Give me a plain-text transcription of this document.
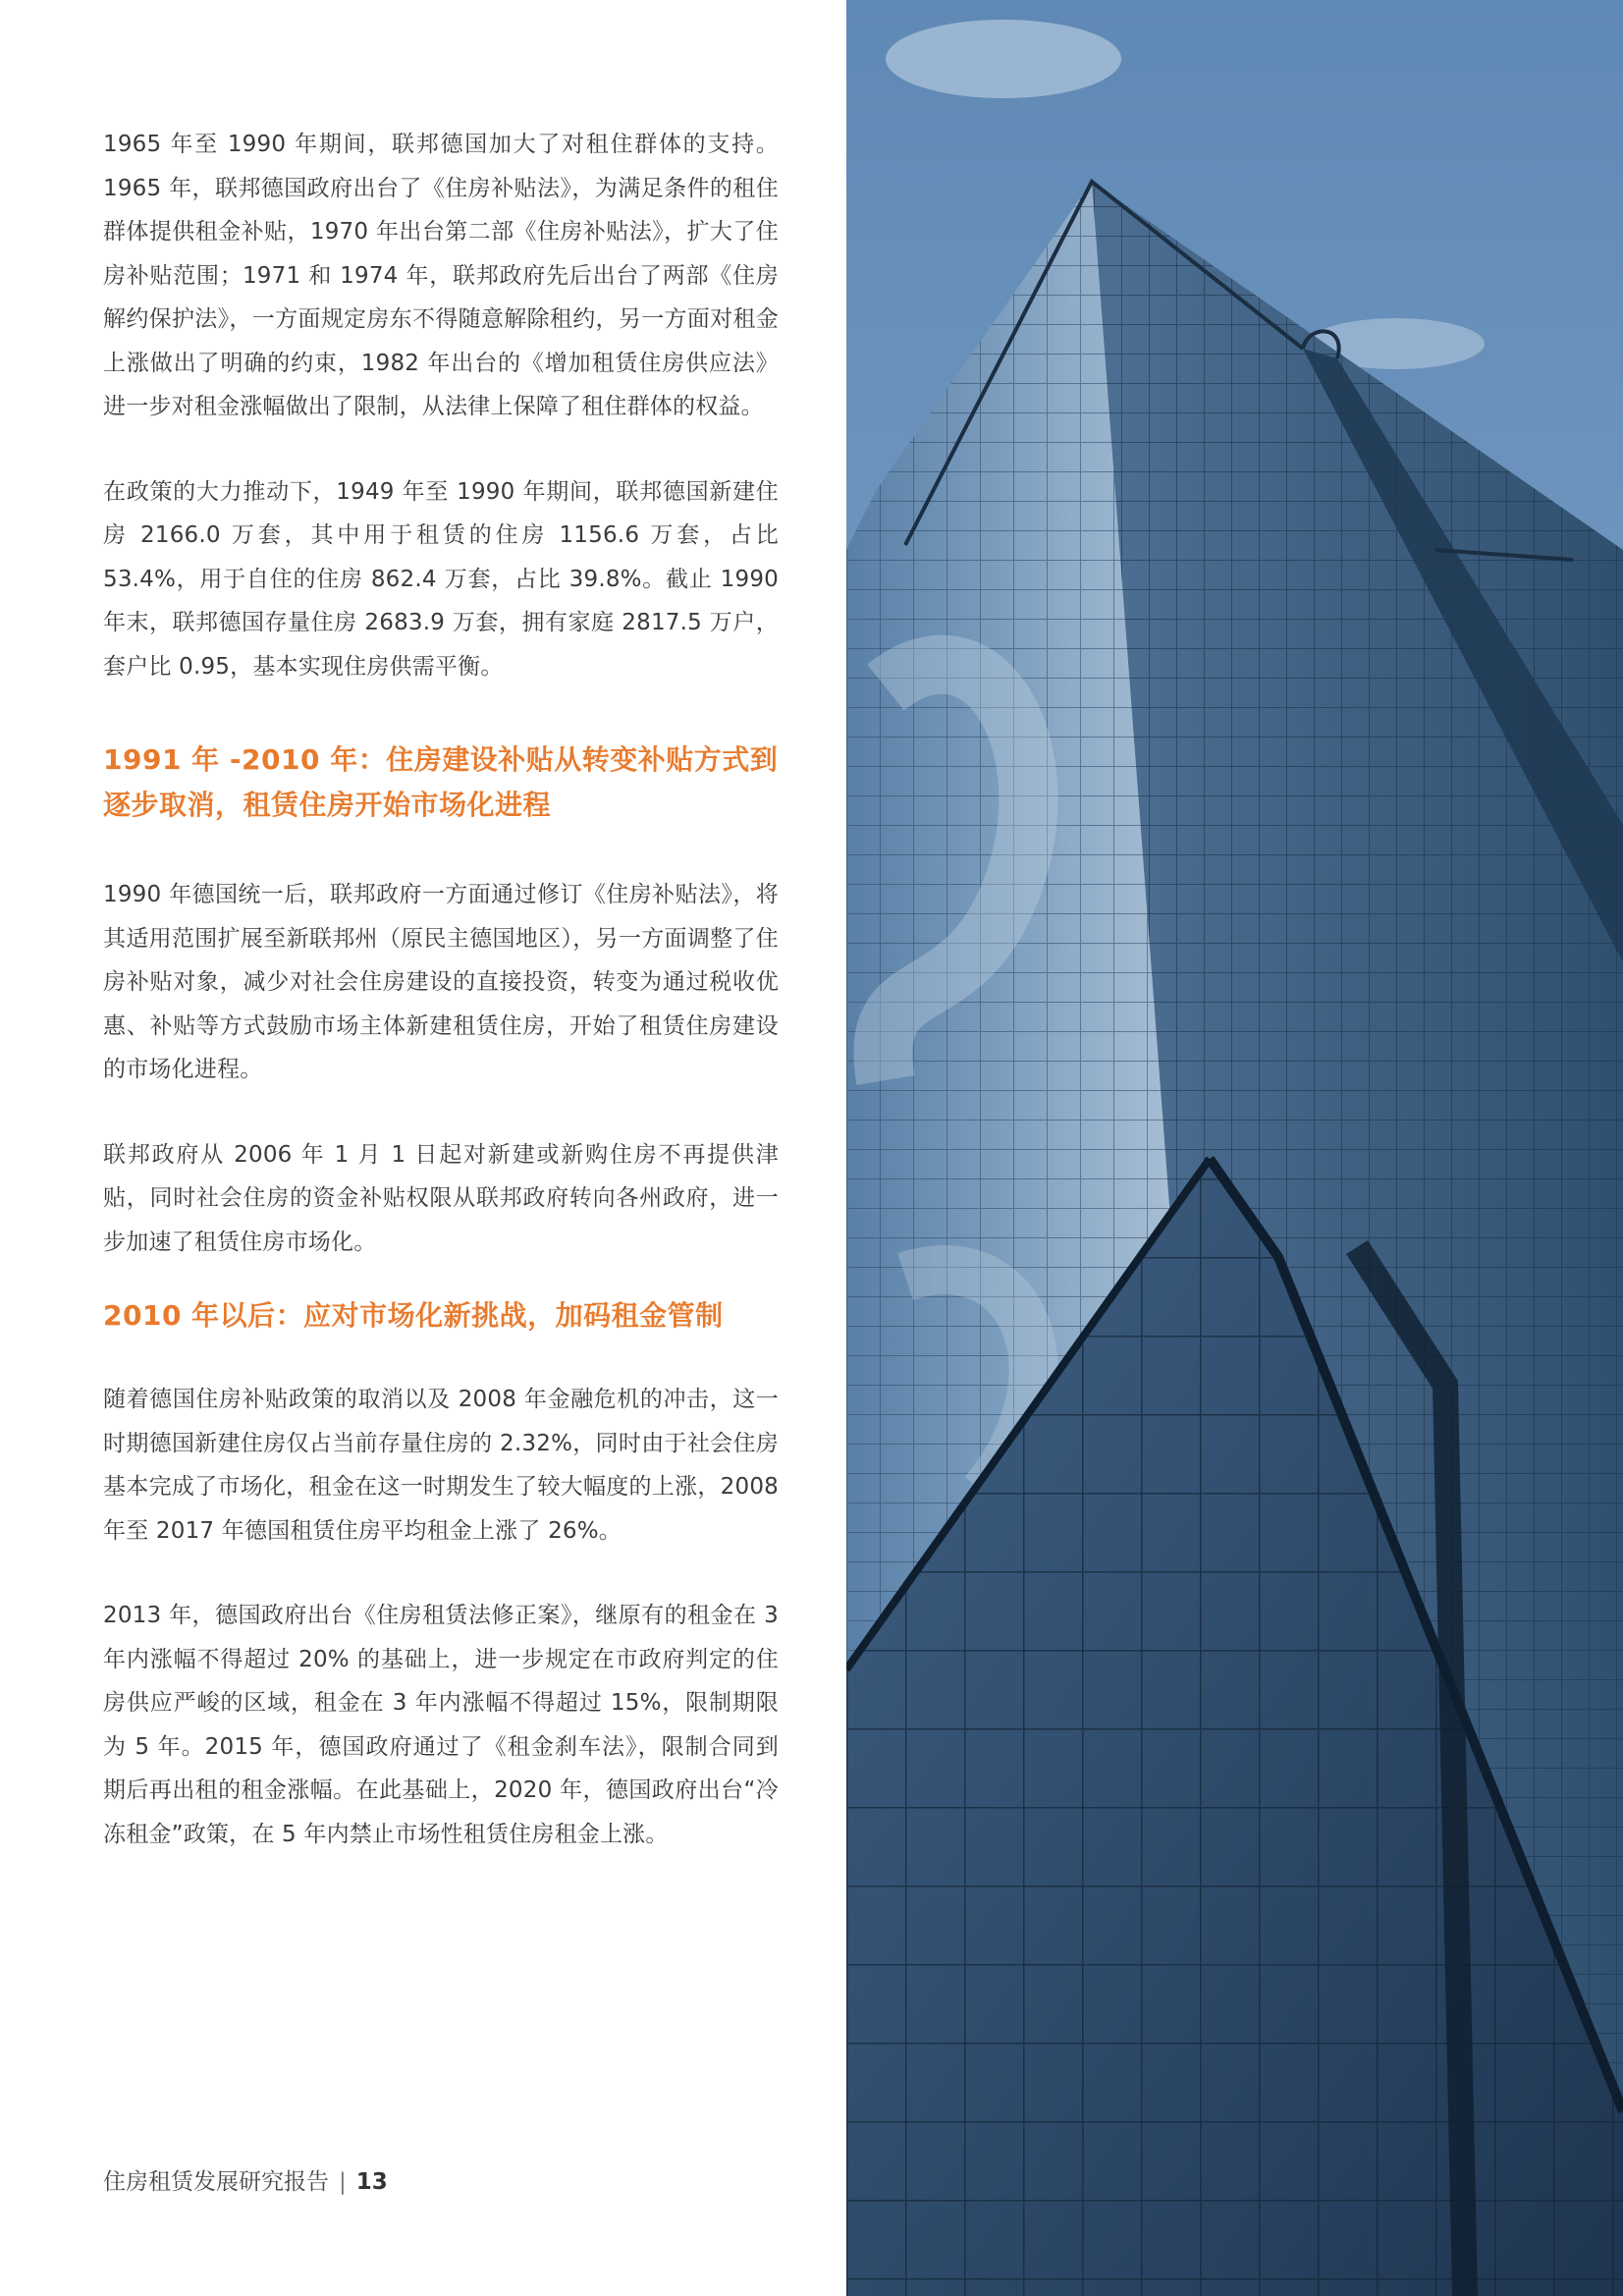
1965 年至 1990 年期间，联邦德国加大了对租住群体的支持。1965 年，联邦德国政府出台了《住房补贴法》，为满足条件的租住群体提供租金补贴，1970 年出台第二部《住房补贴法》，扩大了住房补贴范围；1971 和 1974 年，联邦政府先后出台了两部《住房解约保护法》，一方面规定房东不得随意解除租约，另一方面对租金上涨做出了明确的约束，1982 年出台的《增加租赁住房供应法》进一步对租金涨幅做出了限制，从法律上保障了租住群体的权益。

在政策的大力推动下，1949 年至 1990 年期间，联邦德国新建住房 2166.0 万套，其中用于租赁的住房 1156.6 万套，占比 53.4%，用于自住的住房 862.4 万套，占比 39.8%。截止 1990 年末，联邦德国存量住房 2683.9 万套，拥有家庭 2817.5 万户，套户比 0.95，基本实现住房供需平衡。

1991 年 -2010 年：住房建设补贴从转变补贴方式到逐步取消，租赁住房开始市场化进程

1990 年德国统一后，联邦政府一方面通过修订《住房补贴法》，将其适用范围扩展至新联邦州（原民主德国地区），另一方面调整了住房补贴对象，减少对社会住房建设的直接投资，转变为通过税收优惠、补贴等方式鼓励市场主体新建租赁住房，开始了租赁住房建设的市场化进程。

联邦政府从 2006 年 1 月 1 日起对新建或新购住房不再提供津贴，同时社会住房的资金补贴权限从联邦政府转向各州政府，进一步加速了租赁住房市场化。

2010 年以后：应对市场化新挑战，加码租金管制

随着德国住房补贴政策的取消以及 2008 年金融危机的冲击，这一时期德国新建住房仅占当前存量住房的 2.32%，同时由于社会住房基本完成了市场化，租金在这一时期发生了较大幅度的上涨，2008 年至 2017 年德国租赁住房平均租金上涨了 26%。

2013 年，德国政府出台《住房租赁法修正案》，继原有的租金在 3 年内涨幅不得超过 20% 的基础上，进一步规定在市政府判定的住房供应严峻的区域，租金在 3 年内涨幅不得超过 15%，限制期限为 5 年。2015 年，德国政府通过了《租金刹车法》，限制合同到期后再出租的租金涨幅。在此基础上，2020 年，德国政府出台“冷冻租金”政策，在 5 年内禁止市场性租赁住房租金上涨。

住房租赁发展研究报告 | 13
